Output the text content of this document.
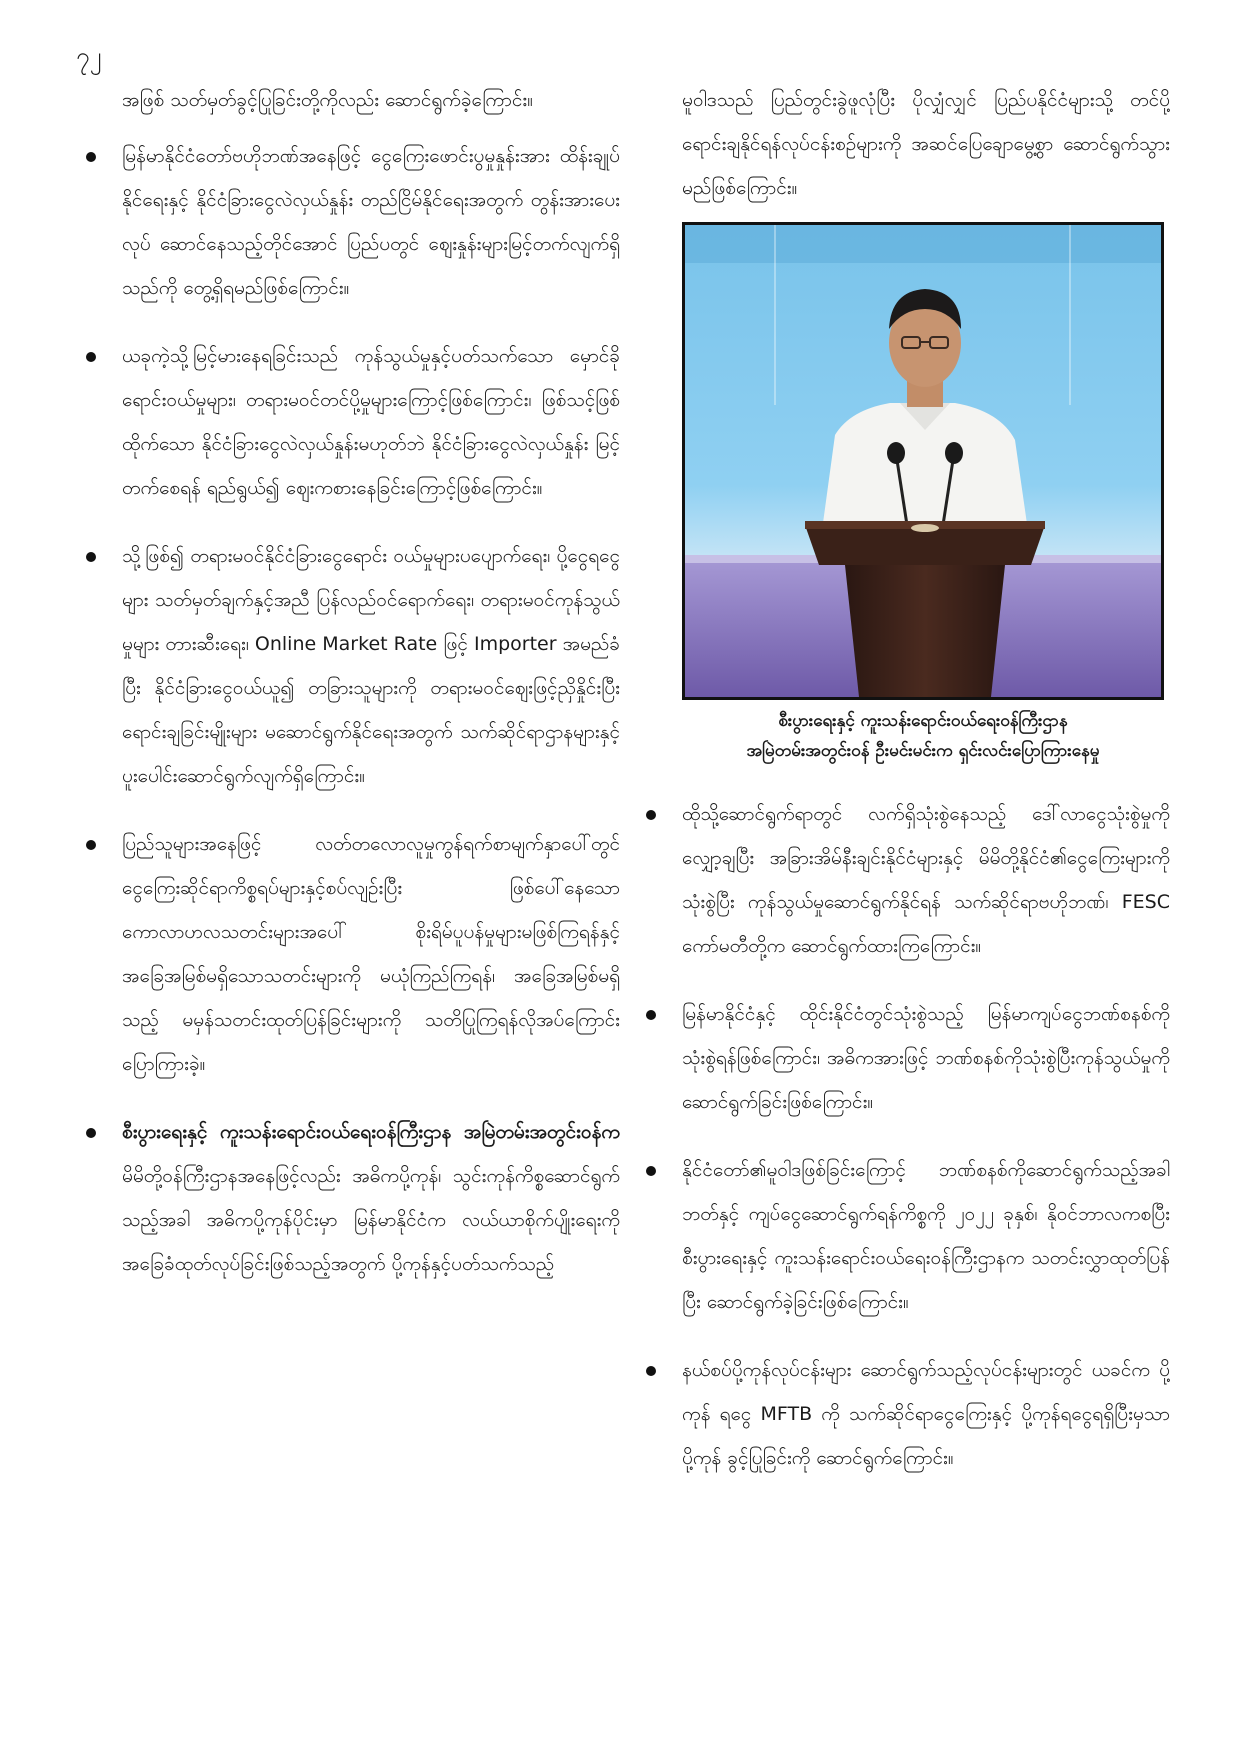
၇၂

အဖြစ် သတ်မှတ်ခွင့်ပြုခြင်းတို့ကိုလည်း ဆောင်ရွက်ခဲ့ကြောင်း။

မြန်မာနိုင်ငံတော်ဗဟိုဘဏ်အနေဖြင့် ငွေကြေးဖောင်းပွမှုနှုန်းအား ထိန်းချုပ်နိုင်ရေးနှင့် နိုင်ငံခြားငွေလဲလှယ်နှုန်း တည်ငြိမ်နိုင်ရေးအတွက် တွန်းအားပေးလုပ် ဆောင်နေသည့်တိုင်အောင် ပြည်ပတွင် ဈေးနှုန်းများမြင့်တက်လျက်ရှိသည်ကို တွေ့ရှိရမည်ဖြစ်ကြောင်း။
ယခုကဲ့သို့မြင့်မားနေရခြင်းသည် ကုန်သွယ်မှုနှင့်ပတ်သက်သော မှောင်ခိုရောင်းဝယ်မှုများ၊ တရားမဝင်တင်ပို့မှုများကြောင့်ဖြစ်ကြောင်း၊ ဖြစ်သင့်ဖြစ်ထိုက်သော နိုင်ငံခြားငွေလဲလှယ်နှုန်းမဟုတ်ဘဲ နိုင်ငံခြားငွေလဲလှယ်နှုန်း မြင့်တက်စေရန် ရည်ရွယ်၍ ဈေးကစားနေခြင်းကြောင့်ဖြစ်ကြောင်း။
သို့ဖြစ်၍ တရားမဝင်နိုင်ငံခြားငွေရောင်း ဝယ်မှုများပပျောက်ရေး၊ ပို့ငွေရငွေများ သတ်မှတ်ချက်နှင့်အညီ ပြန်လည်ဝင်ရောက်ရေး၊ တရားမဝင်ကုန်သွယ်မှုများ တားဆီးရေး၊ Online Market Rate ဖြင့် Importer အမည်ခံပြီး နိုင်ငံခြားငွေဝယ်ယူ၍ တခြားသူများကို တရားမဝင်ဈေးဖြင့်ညှိနှိုင်းပြီး ရောင်းချခြင်းမျိုးများ မဆောင်ရွက်နိုင်ရေးအတွက် သက်ဆိုင်ရာဌာနများနှင့် ပူးပေါင်းဆောင်ရွက်လျက်ရှိကြောင်း။
ပြည်သူများအနေဖြင့် လတ်တလောလူမှုကွန်ရက်စာမျက်နှာပေါ်တွင် ငွေကြေးဆိုင်ရာကိစ္စရပ်များနှင့်စပ်လျဉ်းပြီး ဖြစ်ပေါ်နေသော ကောလာဟလသတင်းများအပေါ် စိုးရိမ်ပူပန်မှုများမဖြစ်ကြရန်နှင့် အခြေအမြစ်မရှိသောသတင်းများကို မယုံကြည်ကြရန်၊ အခြေအမြစ်မရှိသည့် မမှန်သတင်းထုတ်ပြန်ခြင်းများကို သတိပြုကြရန်လိုအပ်ကြောင်း ပြောကြားခဲ့။
စီးပွားရေးနှင့် ကူးသန်းရောင်းဝယ်ရေးဝန်ကြီးဌာန အမြဲတမ်းအတွင်းဝန်က မိမိတို့ဝန်ကြီးဌာနအနေဖြင့်လည်း အဓိကပို့ကုန်၊ သွင်းကုန်ကိစ္စဆောင်ရွက်သည့်အခါ အဓိကပို့ကုန်ပိုင်းမှာ မြန်မာနိုင်ငံက လယ်ယာစိုက်ပျိုးရေးကို အခြေခံထုတ်လုပ်ခြင်းဖြစ်သည့်အတွက် ပို့ကုန်နှင့်ပတ်သက်သည့်

မူဝါဒသည် ပြည်တွင်းခွဲဖူလုံပြီး ပိုလျှံလျှင် ပြည်ပနိုင်ငံများသို့ တင်ပို့ရောင်းချနိုင်ရန်လုပ်ငန်းစဉ်များကို အဆင်ပြေချောမွေ့စွာ ဆောင်ရွက်သွားမည်ဖြစ်ကြောင်း။

စီးပွားရေးနှင့် ကူးသန်းရောင်းဝယ်ရေးဝန်ကြီးဌာန
အမြဲတမ်းအတွင်းဝန် ဦးမင်းမင်းက ရှင်းလင်းပြောကြားနေမှု
ထိုသို့ဆောင်ရွက်ရာတွင် လက်ရှိသုံးစွဲနေသည့် ဒေါ်လာငွေသုံးစွဲမှုကို လျှော့ချပြီး အခြားအိမ်နီးချင်းနိုင်ငံများနှင့် မိမိတို့နိုင်ငံ၏ငွေကြေးများကိုသုံးစွဲပြီး ကုန်သွယ်မှုဆောင်ရွက်နိုင်ရန် သက်ဆိုင်ရာဗဟိုဘဏ်၊ FESC ကော်မတီတို့က ဆောင်ရွက်ထားကြကြောင်း။
မြန်မာနိုင်ငံနှင့် ထိုင်းနိုင်ငံတွင်သုံးစွဲသည့် မြန်မာကျပ်ငွေဘဏ်စနစ်ကို သုံးစွဲရန်ဖြစ်ကြောင်း၊ အဓိကအားဖြင့် ဘဏ်စနစ်ကိုသုံးစွဲပြီးကုန်သွယ်မှုကို ဆောင်ရွက်ခြင်းဖြစ်ကြောင်း။
နိုင်ငံတော်၏မူဝါဒဖြစ်ခြင်းကြောင့် ဘဏ်စနစ်ကိုဆောင်ရွက်သည့်အခါ ဘတ်နှင့် ကျပ်ငွေဆောင်ရွက်ရန်ကိစ္စကို ၂၀၂၂ ခုနှစ်၊ နိုဝင်ဘာလကစပြီး စီးပွားရေးနှင့် ကူးသန်းရောင်းဝယ်ရေးဝန်ကြီးဌာနက သတင်းလွှာထုတ်ပြန်ပြီး ဆောင်ရွက်ခဲ့ခြင်းဖြစ်ကြောင်း။
နယ်စပ်ပို့ကုန်လုပ်ငန်းများ ဆောင်ရွက်သည့်လုပ်ငန်းများတွင် ယခင်က ပို့ကုန် ရငွေ MFTB ကို သက်ဆိုင်ရာငွေကြေးနှင့် ပို့ကုန်ရငွေရရှိပြီးမှသာ ပို့ကုန် ခွင့်ပြုခြင်းကို ဆောင်ရွက်ကြောင်း။
